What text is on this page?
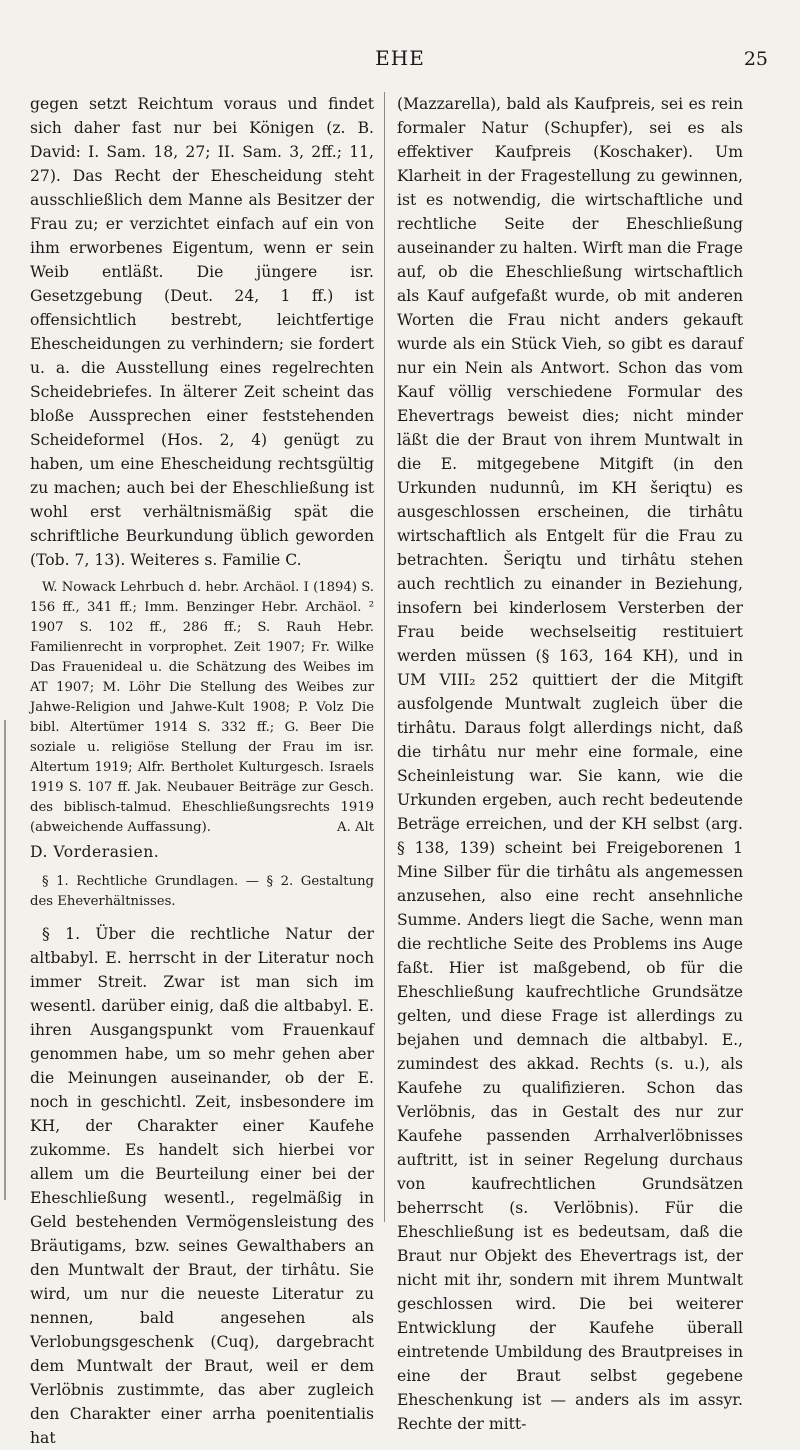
EHE	25

gegen setzt Reichtum voraus und findet sich daher fast nur bei Königen (z. B. David: I. Sam. 18, 27; II. Sam. 3, 2ff.; 11, 27). Das Recht der Ehescheidung steht ausschließlich dem Manne als Besitzer der Frau zu; er verzichtet einfach auf ein von ihm erworbenes Eigentum, wenn er sein Weib entläßt. Die jüngere isr. Gesetzgebung (Deut. 24, 1 ff.) ist offensichtlich bestrebt, leichtfertige Ehescheidungen zu verhindern; sie fordert u. a. die Ausstellung eines regelrechten Scheidebriefes. In älterer Zeit scheint das bloße Aussprechen einer feststehenden Scheideformel (Hos. 2, 4) genügt zu haben, um eine Ehescheidung rechtsgültig zu machen; auch bei der Eheschließung ist wohl erst verhältnismäßig spät die schriftliche Beurkundung üblich geworden (Tob. 7, 13). Weiteres s. Familie C.

W. Nowack Lehrbuch d. hebr. Archäol. I (1894) S. 156 ff., 341 ff.; Imm. Benzinger Hebr. Archäol. ² 1907 S. 102 ff., 286 ff.; S. Rauh Hebr. Familienrecht in vorprophet. Zeit 1907; Fr. Wilke Das Frauenideal u. die Schätzung des Weibes im AT 1907; M. Löhr Die Stellung des Weibes zur Jahwe-Religion und Jahwe-Kult 1908; P. Volz Die bibl. Altertümer 1914 S. 332 ff.; G. Beer Die soziale u. religiöse Stellung der Frau im isr. Altertum 1919; Alfr. Bertholet Kulturgesch. Israels 1919 S. 107 ff. Jak. Neubauer Beiträge zur Gesch. des biblisch-talmud. Eheschließungsrechts 1919 (abweichende Auffassung).	A. Alt

D. Vorderasien.

§ 1. Rechtliche Grundlagen. — § 2. Gestaltung des Eheverhältnisses.

§ 1. Über die rechtliche Natur der altbabyl. E. herrscht in der Literatur noch immer Streit. Zwar ist man sich im wesentl. darüber einig, daß die altbabyl. E. ihren Ausgangspunkt vom Frauenkauf genommen habe, um so mehr gehen aber die Meinungen auseinander, ob der E. noch in geschichtl. Zeit, insbesondere im KH, der Charakter einer Kaufehe zukomme. Es handelt sich hierbei vor allem um die Beurteilung einer bei der Eheschließung wesentl., regelmäßig in Geld bestehenden Vermögensleistung des Bräutigams, bzw. seines Gewalthabers an den Muntwalt der Braut, der tirhâtu. Sie wird, um nur die neueste Literatur zu nennen, bald angesehen als Verlobungsgeschenk (Cuq), dargebracht dem Muntwalt der Braut, weil er dem Verlöbnis zustimmte, das aber zugleich den Charakter einer arrha poenitentialis hat

(Mazzarella), bald als Kaufpreis, sei es rein formaler Natur (Schupfer), sei es als effektiver Kaufpreis (Koschaker). Um Klarheit in der Fragestellung zu gewinnen, ist es notwendig, die wirtschaftliche und rechtliche Seite der Eheschließung auseinander zu halten. Wirft man die Frage auf, ob die Eheschließung wirtschaftlich als Kauf aufgefaßt wurde, ob mit anderen Worten die Frau nicht anders gekauft wurde als ein Stück Vieh, so gibt es darauf nur ein Nein als Antwort. Schon das vom Kauf völlig verschiedene Formular des Ehevertrags beweist dies; nicht minder läßt die der Braut von ihrem Muntwalt in die E. mitgegebene Mitgift (in den Urkunden nudunnû, im KH šeriqtu) es ausgeschlossen erscheinen, die tirhâtu wirtschaftlich als Entgelt für die Frau zu betrachten. Šeriqtu und tirhâtu stehen auch rechtlich zu einander in Beziehung, insofern bei kinderlosem Versterben der Frau beide wechselseitig restituiert werden müssen (§ 163, 164 KH), und in UM VIII₂ 252 quittiert der die Mitgift ausfolgende Muntwalt zugleich über die tirhâtu. Daraus folgt allerdings nicht, daß die tirhâtu nur mehr eine formale, eine Scheinleistung war. Sie kann, wie die Urkunden ergeben, auch recht bedeutende Beträge erreichen, und der KH selbst (arg. § 138, 139) scheint bei Freigeborenen 1 Mine Silber für die tirhâtu als angemessen anzusehen, also eine recht ansehnliche Summe. Anders liegt die Sache, wenn man die rechtliche Seite des Problems ins Auge faßt. Hier ist maßgebend, ob für die Eheschließung kaufrechtliche Grundsätze gelten, und diese Frage ist allerdings zu bejahen und demnach die altbabyl. E., zumindest des akkad. Rechts (s. u.), als Kaufehe zu qualifizieren. Schon das Verlöbnis, das in Gestalt des nur zur Kaufehe passenden Arrhalverlöbnisses auftritt, ist in seiner Regelung durchaus von kaufrechtlichen Grundsätzen beherrscht (s. Verlöbnis). Für die Eheschließung ist es bedeutsam, daß die Braut nur Objekt des Ehevertrags ist, der nicht mit ihr, sondern mit ihrem Muntwalt geschlossen wird. Die bei weiterer Entwicklung der Kaufehe überall eintretende Umbildung des Brautpreises in eine der Braut selbst gegebene Eheschenkung ist — anders als im assyr. Rechte der mitt-
